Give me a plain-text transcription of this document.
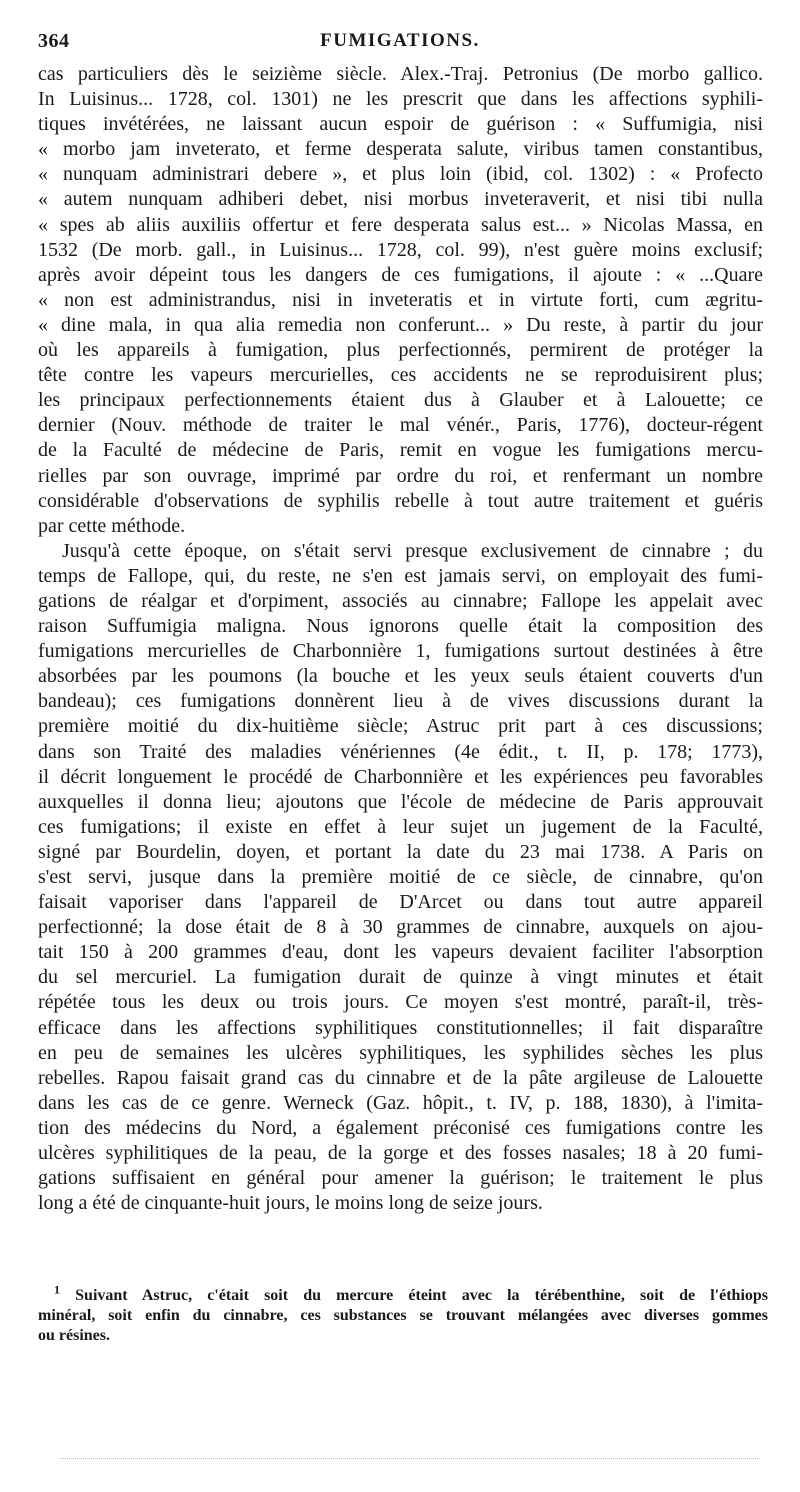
364	FUMIGATIONS.
cas particuliers dès le seizième siècle. Alex.-Traj. Petronius (De morbo gallico.
In Luisinus... 1728, col. 1301) ne les prescrit que dans les affections syphili-
tiques invétérées, ne laissant aucun espoir de guérison : « Suffumigia, nisi
« morbo jam inveterato, et ferme desperata salute, viribus tamen constantibus,
« nunquam administrari debere », et plus loin (ibid, col. 1302) : « Profecto
« autem nunquam adhiberi debet, nisi morbus inveteraverit, et nisi tibi nulla
« spes ab aliis auxiliis offertur et fere desperata salus est... » Nicolas Massa, en
1532 (De morb. gall., in Luisinus... 1728, col. 99), n'est guère moins exclusif;
après avoir dépeint tous les dangers de ces fumigations, il ajoute : « ...Quare
« non est administrandus, nisi in inveteratis et in virtute forti, cum ægritu-
« dine mala, in qua alia remedia non conferunt... » Du reste, à partir du jour
où les appareils à fumigation, plus perfectionnés, permirent de protéger la
tête contre les vapeurs mercurielles, ces accidents ne se reproduisirent plus;
les principaux perfectionnements étaient dus à Glauber et à Lalouette; ce
dernier (Nouv. méthode de traiter le mal vénér., Paris, 1776), docteur-régent
de la Faculté de médecine de Paris, remit en vogue les fumigations mercu-
rielles par son ouvrage, imprimé par ordre du roi, et renfermant un nombre
considérable d'observations de syphilis rebelle à tout autre traitement et guéris
par cette méthode.
Jusqu'à cette époque, on s'était servi presque exclusivement de cinnabre ; du
temps de Fallope, qui, du reste, ne s'en est jamais servi, on employait des fumi-
gations de réalgar et d'orpiment, associés au cinnabre; Fallope les appelait avec
raison Suffumigia maligna. Nous ignorons quelle était la composition des
fumigations mercurielles de Charbonnière 1, fumigations surtout destinées à être
absorbées par les poumons (la bouche et les yeux seuls étaient couverts d'un
bandeau); ces fumigations donnèrent lieu à de vives discussions durant la
première moitié du dix-huitième siècle; Astruc prit part à ces discussions;
dans son Traité des maladies vénériennes (4e édit., t. II, p. 178; 1773),
il décrit longuement le procédé de Charbonnière et les expériences peu favorables
auxquelles il donna lieu; ajoutons que l'école de médecine de Paris approuvait
ces fumigations; il existe en effet à leur sujet un jugement de la Faculté,
signé par Bourdelin, doyen, et portant la date du 23 mai 1738. A Paris on
s'est servi, jusque dans la première moitié de ce siècle, de cinnabre, qu'on
faisait vaporiser dans l'appareil de D'Arcet ou dans tout autre appareil
perfectionné; la dose était de 8 à 30 grammes de cinnabre, auxquels on ajou-
tait 150 à 200 grammes d'eau, dont les vapeurs devaient faciliter l'absorption
du sel mercuriel. La fumigation durait de quinze à vingt minutes et était
répétée tous les deux ou trois jours. Ce moyen s'est montré, paraît-il, très-
efficace dans les affections syphilitiques constitutionnelles; il fait disparaître
en peu de semaines les ulcères syphilitiques, les syphilides sèches les plus
rebelles. Rapou faisait grand cas du cinnabre et de la pâte argileuse de Lalouette
dans les cas de ce genre. Werneck (Gaz. hôpit., t. IV, p. 188, 1830), à l'imita-
tion des médecins du Nord, a également préconisé ces fumigations contre les
ulcères syphilitiques de la peau, de la gorge et des fosses nasales; 18 à 20 fumi-
gations suffisaient en général pour amener la guérison; le traitement le plus
long a été de cinquante-huit jours, le moins long de seize jours.
$^1$ Suivant Astruc, c'était soit du mercure éteint avec la térébenthine, soit de l'éthiops
minéral, soit enfin du cinnabre, ces substances se trouvant mélangées avec diverses gommes
ou résines.
